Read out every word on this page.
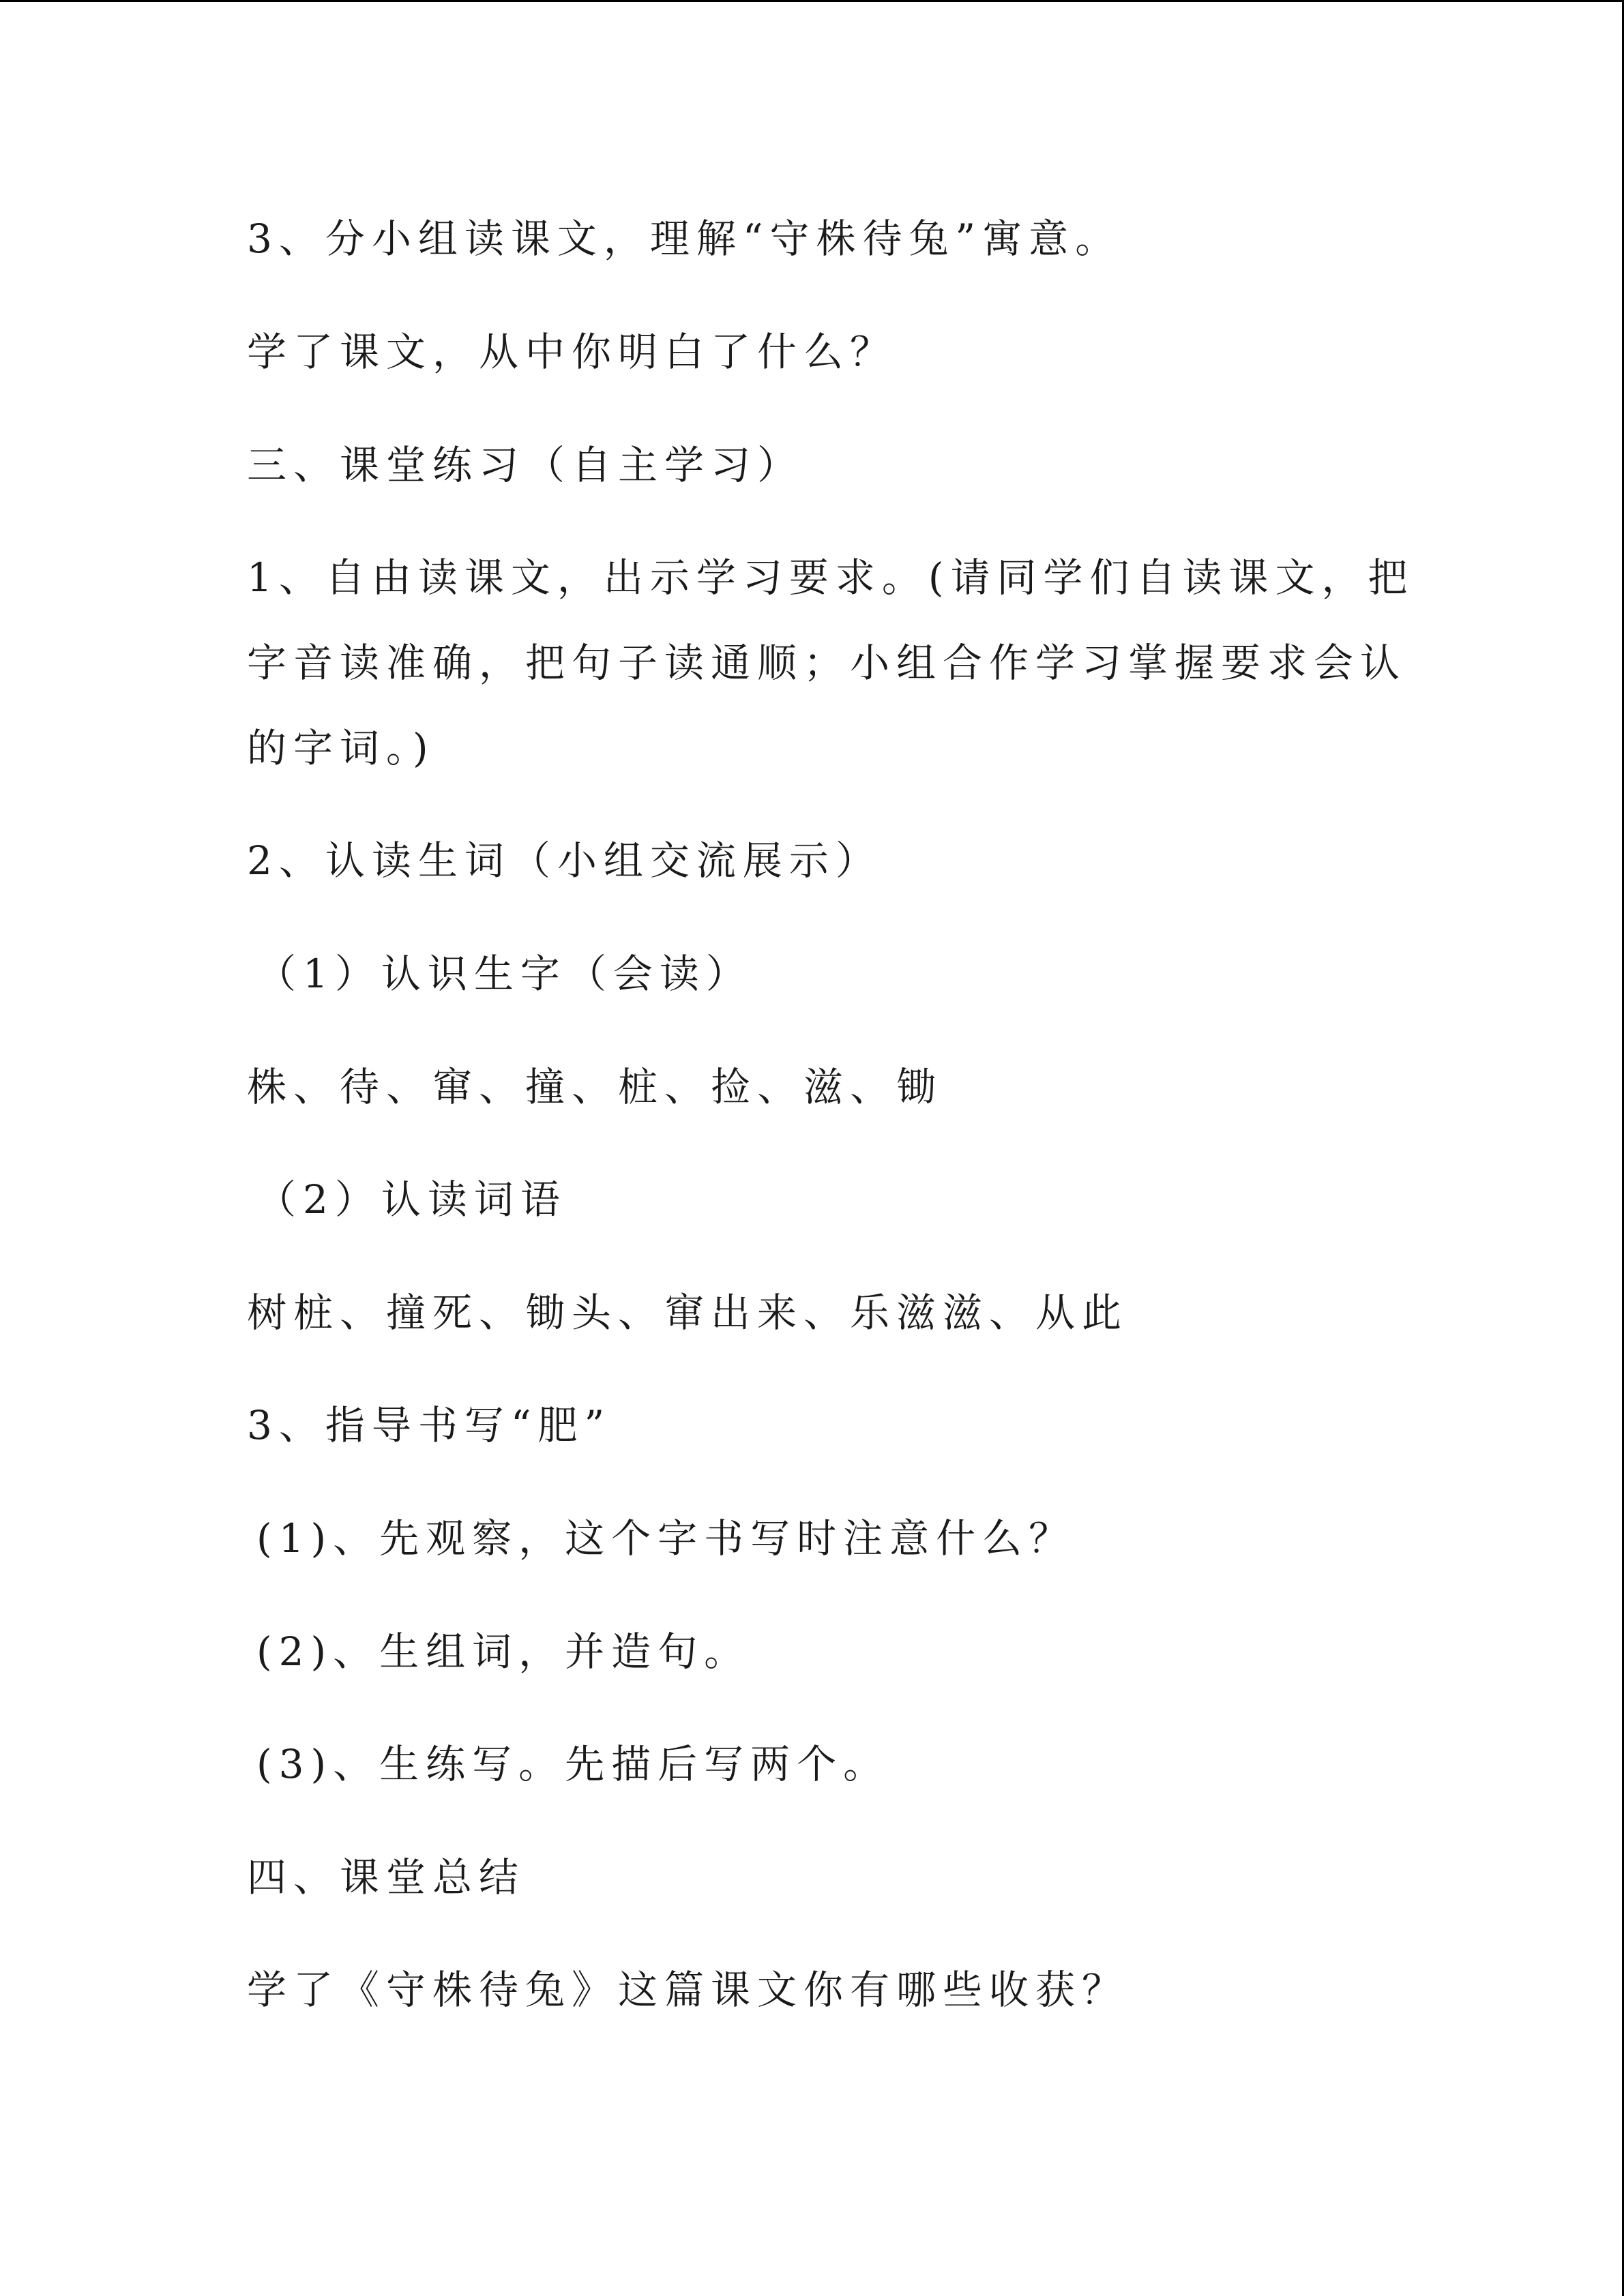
3、分小组读课文，理解“守株待兔”寓意。
学了课文，从中你明白了什么？
三、课堂练习（自主学习）
1、自由读课文，出示学习要求。(请同学们自读课文，把
字音读准确，把句子读通顺；小组合作学习掌握要求会认
的字词。)
2、认读生词（小组交流展示）
（1）认识生字（会读）
株、待、窜、撞、桩、捡、滋、锄
（2）认读词语
树桩、撞死、锄头、窜出来、乐滋滋、从此
3、指导书写“肥”
(1)、先观察，这个字书写时注意什么？
(2)、生组词，并造句。
(3)、生练写。先描后写两个。
四、课堂总结
学了《守株待兔》这篇课文你有哪些收获？
